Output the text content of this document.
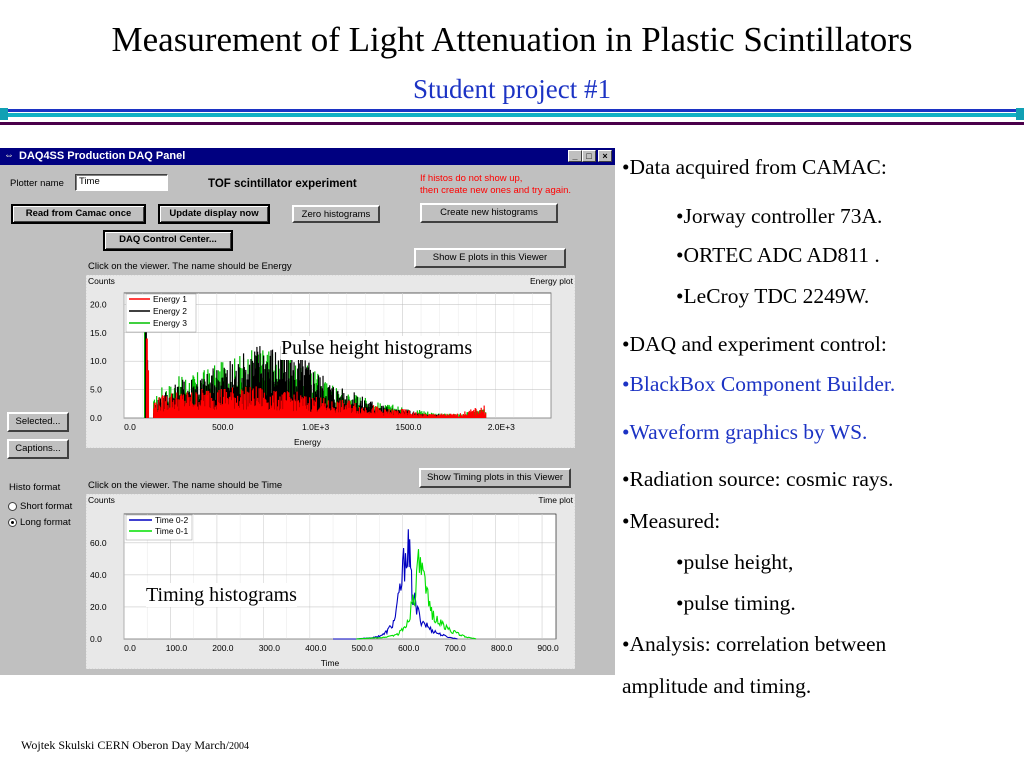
Measurement of Light Attenuation in Plastic Scintillators
Student project #1
⇔ DAQ4SS Production DAQ Panel	_ □	×
Plotter name	Time	TOF scintillator experiment	If histos do not show up,
then create new ones and try again.
Read from Camac once	Update display now	Zero histograms	Create new histograms
DAQ Control Center...
Show E plots in this Viewer
Click on the viewer. The name should be Energy
0.0	500.0	1.0E+3	1500.0	2.0E+3
0.0
5.0
10.0
15.0
20.0
Counts	Energy plot
Energy
Energy 1
Energy 2
Energy 3
Selected...
Captions...
Show Timing plots in this Viewer
Click on the viewer. The name should be Time
Histo format
Short format
Long format
0.0	100.0	200.0	300.0	400.0	500.0	600.0	700.0	800.0	900.0
0.0
20.0
40.0
60.0
Counts	Time plot
Time
Time 0-2
Time 0-1
Pulse height histograms
Timing histograms
•Data acquired from CAMAC:
•Jorway controller 73A.
•ORTEC ADC AD811 .
•LeCroy TDC 2249W.
•DAQ and experiment control:
•BlackBox Component Builder.
•Waveform graphics by WS.
•Radiation source: cosmic rays.
•Measured:
•pulse height,
•pulse timing.
•Analysis: correlation between
amplitude and timing.
Wojtek Skulski CERN Oberon Day March/2004
